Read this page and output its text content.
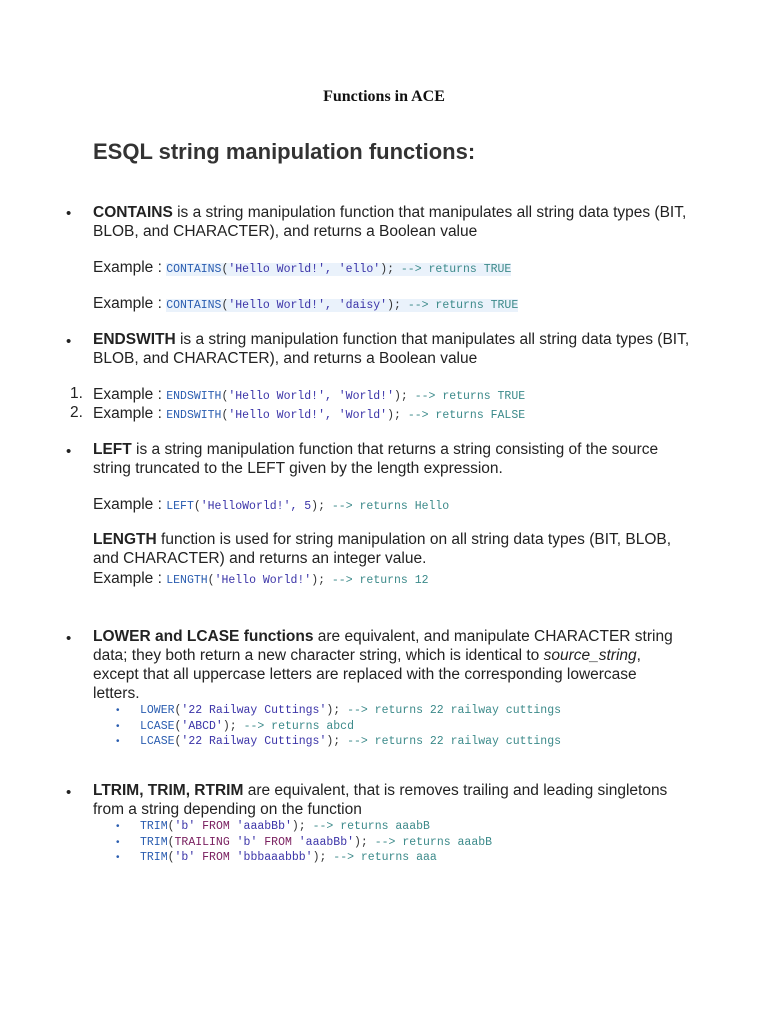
Functions in ACE
ESQL string manipulation functions:
• CONTAINS is a string manipulation function that manipulates all string data types (BIT, BLOB, and CHARACTER), and returns a Boolean value
Example : CONTAINS('Hello World!', 'ello'); --> returns TRUE
Example : CONTAINS('Hello World!', 'daisy'); --> returns TRUE
• ENDSWITH is a string manipulation function that manipulates all string data types (BIT, BLOB, and CHARACTER), and returns a Boolean value
1. Example : ENDSWITH('Hello World!', 'World!'); --> returns TRUE
2. Example : ENDSWITH('Hello World!', 'World'); --> returns FALSE
• LEFT is a string manipulation function that returns a string consisting of the source string truncated to the LEFT given by the length expression.
Example : LEFT('HelloWorld!', 5); --> returns Hello
LENGTH function is used for string manipulation on all string data types (BIT, BLOB, and CHARACTER) and returns an integer value.
Example : LENGTH('Hello World!'); --> returns 12
• LOWER and LCASE functions are equivalent, and manipulate CHARACTER string data; they both return a new character string, which is identical to source_string, except that all uppercase letters are replaced with the corresponding lowercase letters.
• LOWER('22 Railway Cuttings'); --> returns 22 railway cuttings
• LCASE('ABCD'); --> returns abcd
• LCASE('22 Railway Cuttings'); --> returns 22 railway cuttings
• LTRIM, TRIM, RTRIM are equivalent, that is removes trailing and leading singletons from a string depending on the function
• TRIM('b' FROM 'aaabBb'); --> returns aaabB
• TRIM(TRAILING 'b' FROM 'aaabBb'); --> returns aaabB
• TRIM('b' FROM 'bbbaaabbb'); --> returns aaa
